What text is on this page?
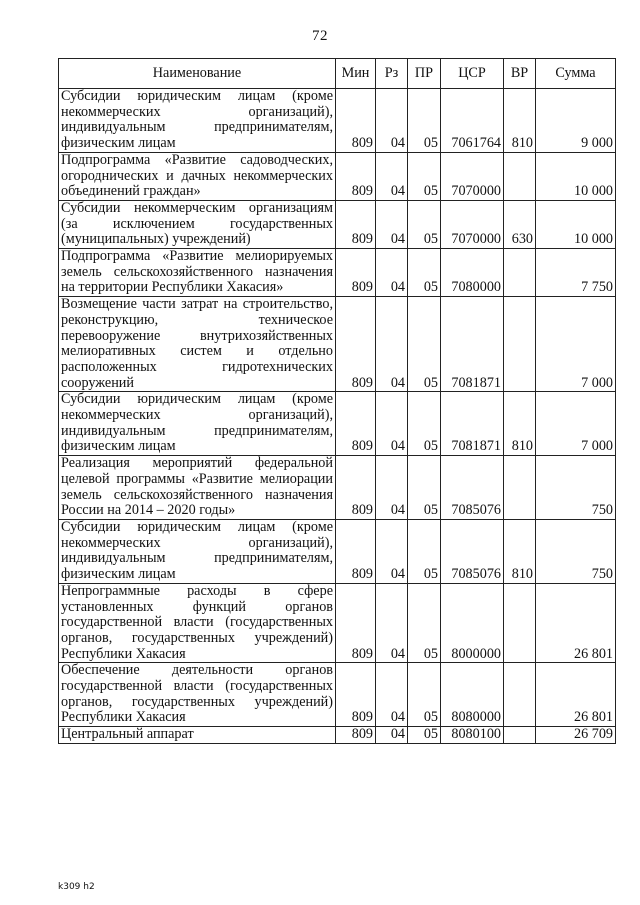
72
Наименование	Мин	Рз	ПР	ЦСР	ВР	Сумма
Субсидии юридическим лицам (кроме некоммерческих организаций), индивидуальным предпринимателям, физическим лицам	809	04	05	7061764	810	9 000
Подпрограмма «Развитие садоводческих, огороднических и дачных некоммерческих объединений граждан»	809	04	05	7070000		10 000
Субсидии некоммерческим организациям (за исключением государственных (муниципальных) учреждений)	809	04	05	7070000	630	10 000
Подпрограмма «Развитие мелиорируемых земель сельскохозяйственного назначения на территории Республики Хакасия»	809	04	05	7080000		7 750
Возмещение части затрат на строительство, реконструкцию, техническое перевооружение внутрихозяйственных мелиоративных систем и отдельно расположенных гидротехнических сооружений	809	04	05	7081871		7 000
Субсидии юридическим лицам (кроме некоммерческих организаций), индивидуальным предпринимателям, физическим лицам	809	04	05	7081871	810	7 000
Реализация мероприятий федеральной целевой программы «Развитие мелиорации земель сельскохозяйственного назначения России на 2014 – 2020 годы»	809	04	05	7085076		750
Субсидии юридическим лицам (кроме некоммерческих организаций), индивидуальным предпринимателям, физическим лицам	809	04	05	7085076	810	750
Непрограммные расходы в сфере установленных функций органов государственной власти (государственных органов, государственных учреждений) Республики Хакасия	809	04	05	8000000		26 801
Обеспечение деятельности органов государственной власти (государственных органов, государственных учреждений) Республики Хакасия	809	04	05	8080000		26 801
Центральный аппарат	809	04	05	8080100		26 709
k309 h2
